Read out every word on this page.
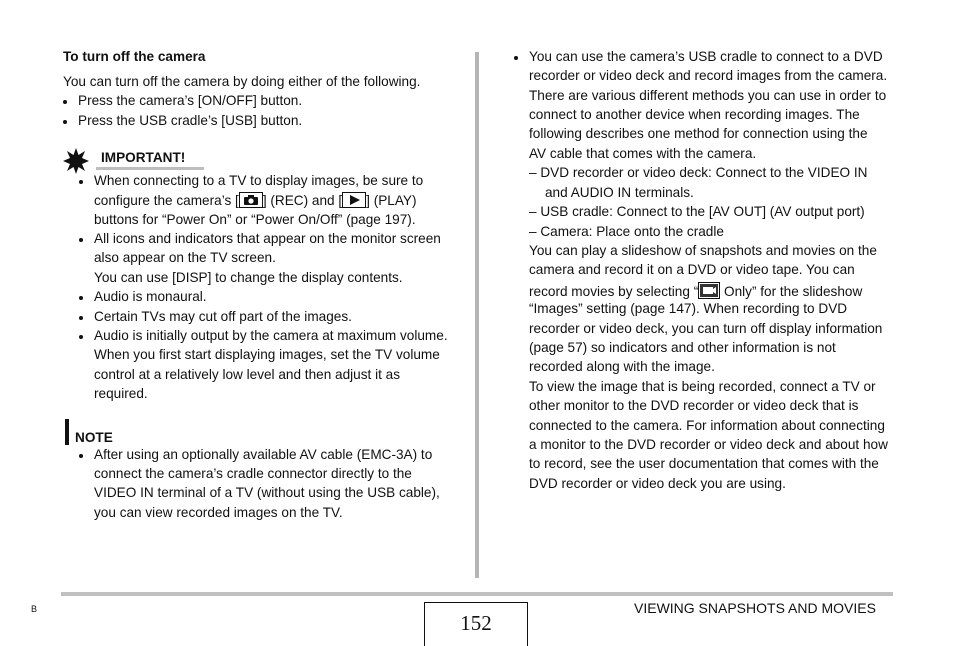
To turn off the camera
You can turn off the camera by doing either of the following.
Press the camera’s [ON/OFF] button.
Press the USB cradle’s [USB] button.
IMPORTANT!
When connecting to a TV to display images, be sure to
configure the camera’s [ ] (REC) and [ ] (PLAY)
buttons for “Power On” or “Power On/Off” (page 197).
All icons and indicators that appear on the monitor screen
also appear on the TV screen.
You can use [DISP] to change the display contents.
Audio is monaural.
Certain TVs may cut off part of the images.
Audio is initially output by the camera at maximum volume.
When you first start displaying images, set the TV volume
control at a relatively low level and then adjust it as
required.
NOTE
After using an optionally available AV cable (EMC-3A) to
connect the camera’s cradle connector directly to the
VIDEO IN terminal of a TV (without using the USB cable),
you can view recorded images on the TV.
You can use the camera’s USB cradle to connect to a DVD
recorder or video deck and record images from the camera.
There are various different methods you can use in order to
connect to another device when recording images. The
following describes one method for connection using the
AV cable that comes with the camera.
– DVD recorder or video deck: Connect to the VIDEO IN
and AUDIO IN terminals.
– USB cradle: Connect to the [AV OUT] (AV output port)
– Camera: Place onto the cradle
You can play a slideshow of snapshots and movies on the
camera and record it on a DVD or video tape. You can
record movies by selecting “
Only” for the slideshow
“Images” setting (page 147). When recording to DVD
recorder or video deck, you can turn off display information
(page 57) so indicators and other information is not
recorded along with the image.
To view the image that is being recorded, connect a TV or
other monitor to the DVD recorder or video deck that is
connected to the camera. For information about connecting
a monitor to the DVD recorder or video deck and about how
to record, see the user documentation that comes with the
DVD recorder or video deck you are using.
B	VIEWING SNAPSHOTS AND MOVIES
152
